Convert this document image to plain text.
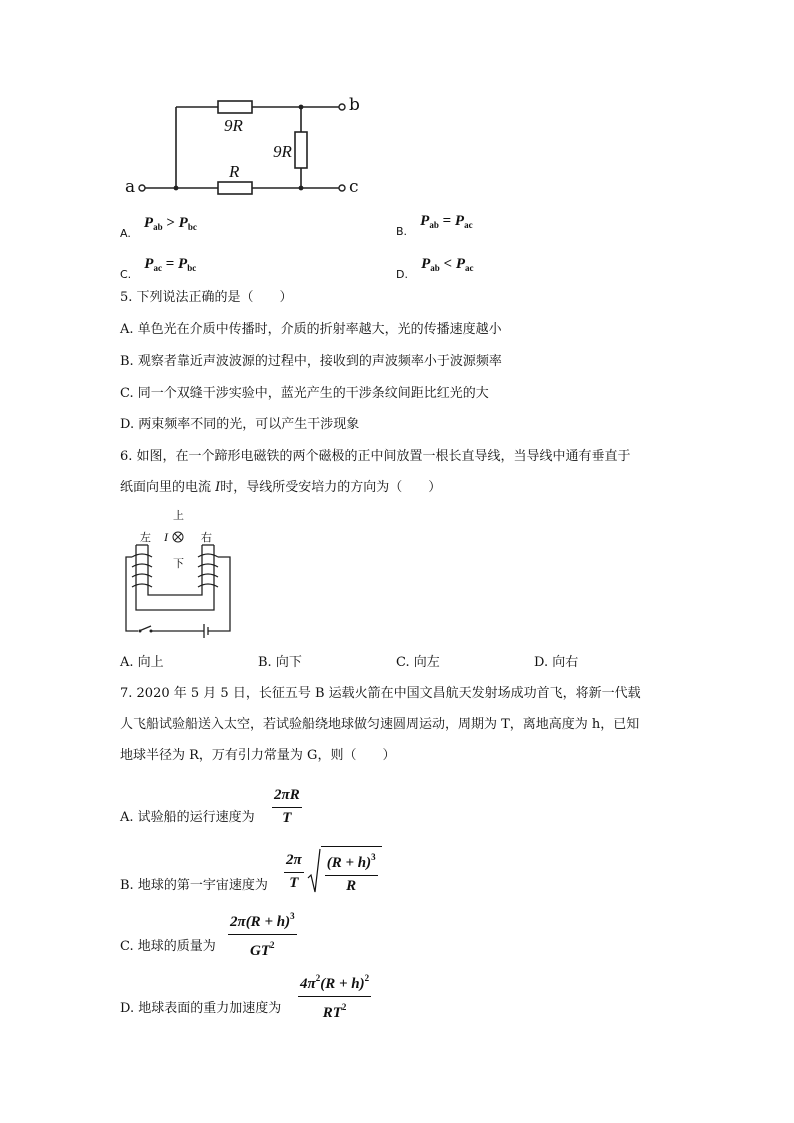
a
b
c
9R
9R
R
$_{A.}$ $P_{ab} > P_{bc}$	$_{B.}$ $P_{ab} = P_{ac}$
$_{C.}$ $P_{ac} = P_{bc}$	$_{D.}$ $P_{ab} < P_{ac}$
5. 下列说法正确的是（　　）
A. 单色光在介质中传播时，介质的折射率越大，光的传播速度越小
B. 观察者靠近声波波源的过程中，接收到的声波频率小于波源频率
C. 同一个双缝干涉实验中，蓝光产生的干涉条纹间距比红光的大
D. 两束频率不同的光，可以产生干涉现象
6. 如图，在一个蹄形电磁铁的两个磁极的正中间放置一根长直导线，当导线中通有垂直于
纸面向里的电流 I时，导线所受安培力的方向为（　　）
上
左 I	右
下
A. 向上	B. 向下	C. 向左	D. 向右
7. 2020 年 5 月 5 日，长征五号 B 运载火箭在中国文昌航天发射场成功首飞，将新一代载
人飞船试验船送入太空，若试验船绕地球做匀速圆周运动，周期为 T，离地高度为 h，已知
地球半径为 R，万有引力常量为 G，则（　　）
A. 试验船的运行速度为 $\frac{2\pi R}{T}$
B. 地球的第一宇宙速度为 $\frac{2\pi}{T} \frac{(R + h)^3}{R}$
C. 地球的质量为 $\frac{2\pi(R + h)^3}{GT^2}$
D. 地球表面的重力加速度为 $\frac{4\pi^2(R + h)^2}{RT^2}$
